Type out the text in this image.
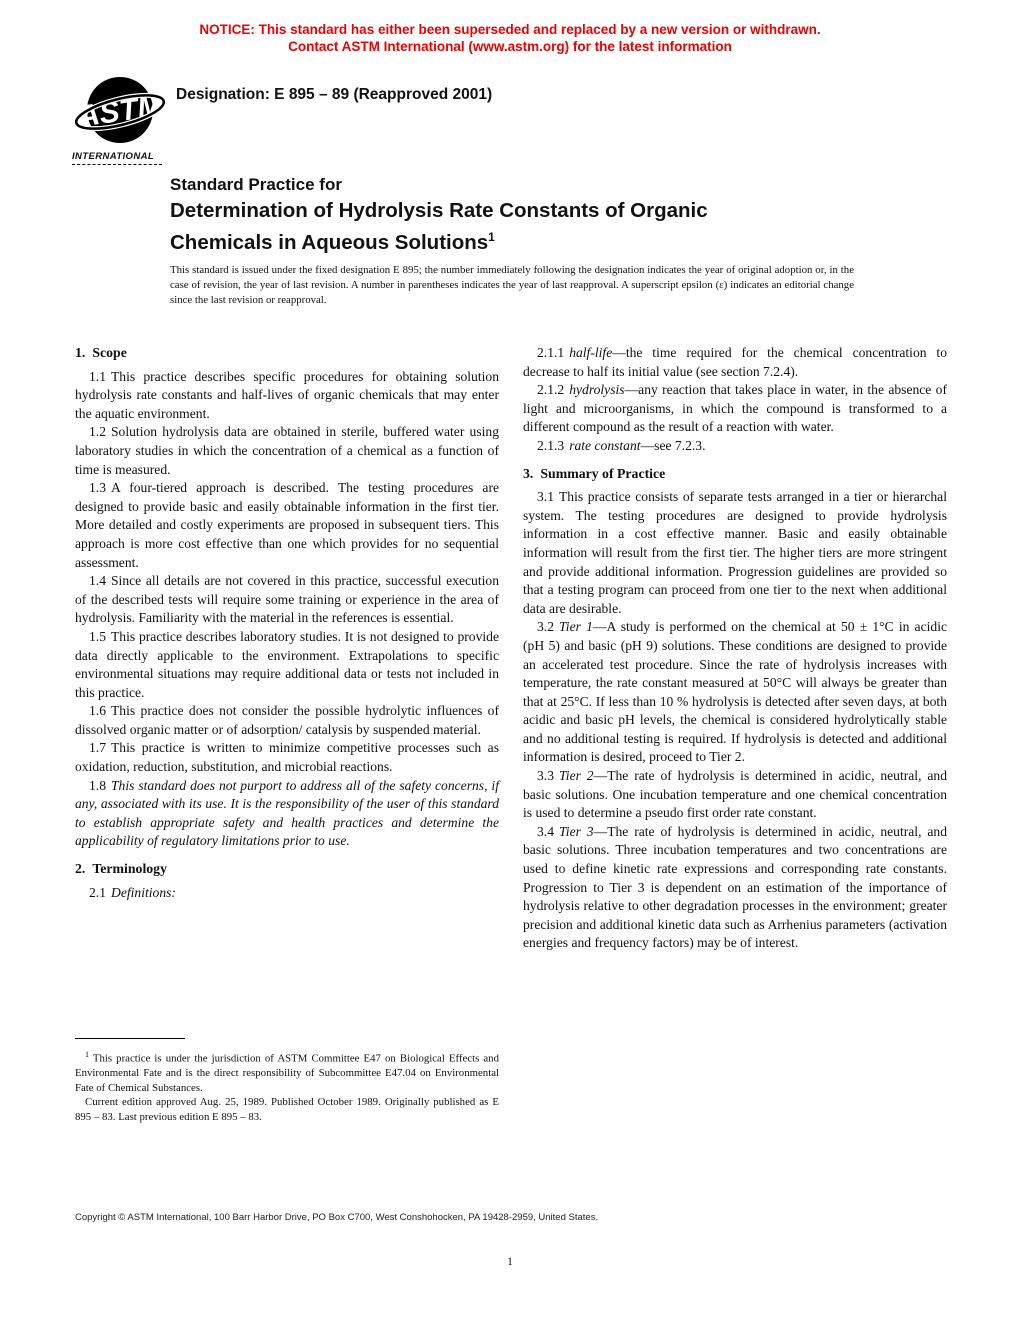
NOTICE: This standard has either been superseded and replaced by a new version or withdrawn.
Contact ASTM International (www.astm.org) for the latest information
ASTM
INTERNATIONAL
Designation: E 895 – 89 (Reapproved 2001)
Standard Practice for
Determination of Hydrolysis Rate Constants of Organic
Chemicals in Aqueous Solutions$^1$
This standard is issued under the fixed designation E 895; the number immediately following the designation indicates the year of original adoption or, in the case of revision, the year of last revision. A number in parentheses indicates the year of last reapproval. A superscript epsilon (ε) indicates an editorial change since the last revision or reapproval.
1. Scope

1.1 This practice describes specific procedures for obtaining solution hydrolysis rate constants and half-lives of organic chemicals that may enter the aquatic environment.

1.2 Solution hydrolysis data are obtained in sterile, buffered water using laboratory studies in which the concentration of a chemical as a function of time is measured.

1.3 A four-tiered approach is described. The testing procedures are designed to provide basic and easily obtainable information in the first tier. More detailed and costly experiments are proposed in subsequent tiers. This approach is more cost effective than one which provides for no sequential assessment.

1.4 Since all details are not covered in this practice, successful execution of the described tests will require some training or experience in the area of hydrolysis. Familiarity with the material in the references is essential.

1.5 This practice describes laboratory studies. It is not designed to provide data directly applicable to the environment. Extrapolations to specific environmental situations may require additional data or tests not included in this practice.

1.6 This practice does not consider the possible hydrolytic influences of dissolved organic matter or of adsorption/ catalysis by suspended material.

1.7 This practice is written to minimize competitive processes such as oxidation, reduction, substitution, and microbial reactions.

1.8 This standard does not purport to address all of the safety concerns, if any, associated with its use. It is the responsibility of the user of this standard to establish appropriate safety and health practices and determine the applicability of regulatory limitations prior to use.

2. Terminology

2.1 Definitions:

2.1.1 half-life—the time required for the chemical concentration to decrease to half its initial value (see section 7.2.4).

2.1.2 hydrolysis—any reaction that takes place in water, in the absence of light and microorganisms, in which the compound is transformed to a different compound as the result of a reaction with water.

2.1.3 rate constant—see 7.2.3.

3. Summary of Practice

3.1 This practice consists of separate tests arranged in a tier or hierarchal system. The testing procedures are designed to provide hydrolysis information in a cost effective manner. Basic and easily obtainable information will result from the first tier. The higher tiers are more stringent and provide additional information. Progression guidelines are provided so that a testing program can proceed from one tier to the next when additional data are desirable.

3.2 Tier 1—A study is performed on the chemical at 50 ± 1°C in acidic (pH 5) and basic (pH 9) solutions. These conditions are designed to provide an accelerated test procedure. Since the rate of hydrolysis increases with temperature, the rate constant measured at 50°C will always be greater than that at 25°C. If less than 10 % hydrolysis is detected after seven days, at both acidic and basic pH levels, the chemical is considered hydrolytically stable and no additional testing is required. If hydrolysis is detected and additional information is desired, proceed to Tier 2.

3.3 Tier 2—The rate of hydrolysis is determined in acidic, neutral, and basic solutions. One incubation temperature and one chemical concentration is used to determine a pseudo first order rate constant.

3.4 Tier 3—The rate of hydrolysis is determined in acidic, neutral, and basic solutions. Three incubation temperatures and two concentrations are used to define kinetic rate expressions and corresponding rate constants. Progression to Tier 3 is dependent on an estimation of the importance of hydrolysis relative to other degradation processes in the environment; greater precision and additional kinetic data such as Arrhenius parameters (activation energies and frequency factors) may be of interest.

$^1$ This practice is under the jurisdiction of ASTM Committee E47 on Biological Effects and Environmental Fate and is the direct responsibility of Subcommittee E47.04 on Environmental Fate of Chemical Substances.

Current edition approved Aug. 25, 1989. Published October 1989. Originally published as E 895 – 83. Last previous edition E 895 – 83.

Copyright © ASTM International, 100 Barr Harbor Drive, PO Box C700, West Conshohocken, PA 19428-2959, United States.
1
